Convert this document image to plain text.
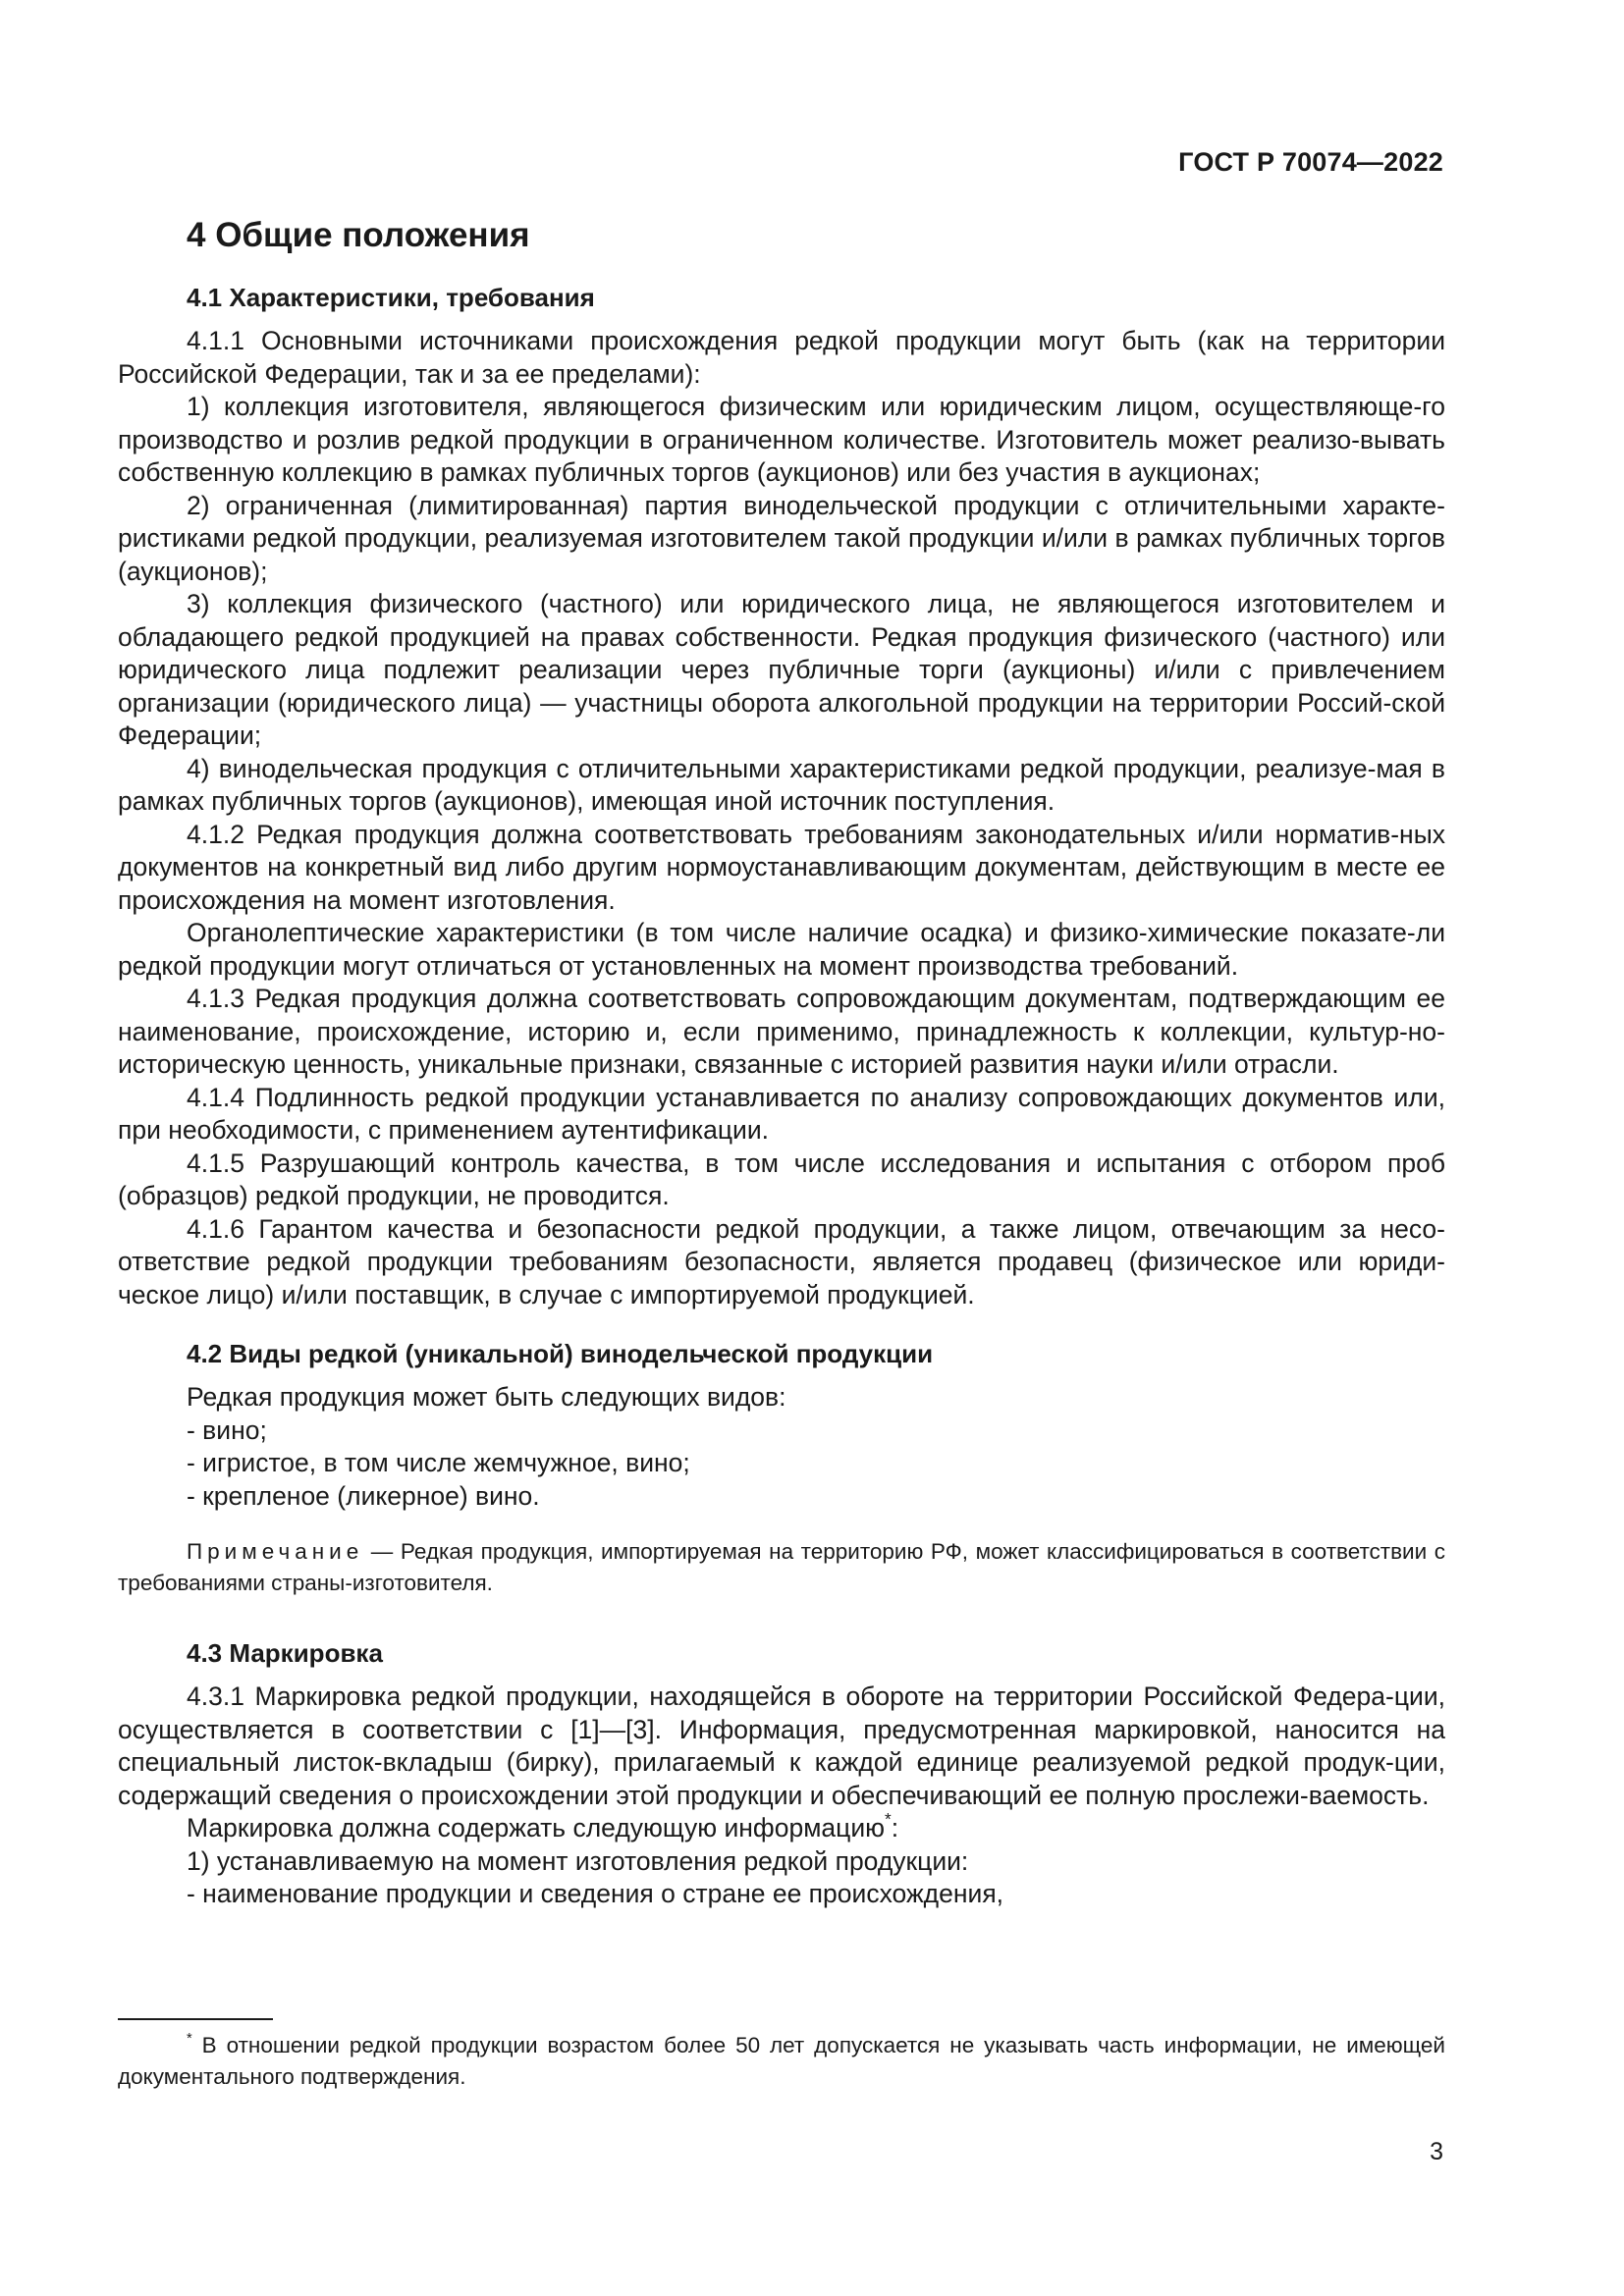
ГОСТ Р 70074—2022
4 Общие положения
4.1 Характеристики, требования

4.1.1 Основными источниками происхождения редкой продукции могут быть (как на территории Российской Федерации, так и за ее пределами):

1) коллекция изготовителя, являющегося физическим или юридическим лицом, осуществляюще-го производство и розлив редкой продукции в ограниченном количестве. Изготовитель может реализо-вывать собственную коллекцию в рамках публичных торгов (аукционов) или без участия в аукционах;

2) ограниченная (лимитированная) партия винодельческой продукции с отличительными характе-ристиками редкой продукции, реализуемая изготовителем такой продукции и/или в рамках публичных торгов (аукционов);

3) коллекция физического (частного) или юридического лица, не являющегося изготовителем и обладающего редкой продукцией на правах собственности. Редкая продукция физического (частного) или юридического лица подлежит реализации через публичные торги (аукционы) и/или с привлечением организации (юридического лица) — участницы оборота алкогольной продукции на территории Россий-ской Федерации;

4) винодельческая продукция с отличительными характеристиками редкой продукции, реализуе-мая в рамках публичных торгов (аукционов), имеющая иной источник поступления.

4.1.2 Редкая продукция должна соответствовать требованиям законодательных и/или норматив-ных документов на конкретный вид либо другим нормоустанавливающим документам, действующим в месте ее происхождения на момент изготовления.

Органолептические характеристики (в том числе наличие осадка) и физико-химические показате-ли редкой продукции могут отличаться от установленных на момент производства требований.

4.1.3 Редкая продукция должна соответствовать сопровождающим документам, подтверждающим ее наименование, происхождение, историю и, если применимо, принадлежность к коллекции, культур-но-историческую ценность, уникальные признаки, связанные с историей развития науки и/или отрасли.

4.1.4 Подлинность редкой продукции устанавливается по анализу сопровождающих документов или, при необходимости, с применением аутентификации.

4.1.5 Разрушающий контроль качества, в том числе исследования и испытания с отбором проб (образцов) редкой продукции, не проводится.

4.1.6 Гарантом качества и безопасности редкой продукции, а также лицом, отвечающим за несо-ответствие редкой продукции требованиям безопасности, является продавец (физическое или юриди-ческое лицо) и/или поставщик, в случае с импортируемой продукцией.

4.2 Виды редкой (уникальной) винодельческой продукции

Редкая продукция может быть следующих видов:

- вино;

- игристое, в том числе жемчужное, вино;

- крепленое (ликерное) вино.

Примечание — Редкая продукция, импортируемая на территорию РФ, может классифицироваться в соответствии с требованиями страны-изготовителя.

4.3 Маркировка

4.3.1 Маркировка редкой продукции, находящейся в обороте на территории Российской Федера-ции, осуществляется в соответствии с [1]—[3]. Информация, предусмотренная маркировкой, наносится на специальный листок-вкладыш (бирку), прилагаемый к каждой единице реализуемой редкой продук-ции, содержащий сведения о происхождении этой продукции и обеспечивающий ее полную прослежи-ваемость.

Маркировка должна содержать следующую информацию*:

1) устанавливаемую на момент изготовления редкой продукции:

- наименование продукции и сведения о стране ее происхождения,

* В отношении редкой продукции возрастом более 50 лет допускается не указывать часть информации, не имеющей документального подтверждения.

3
